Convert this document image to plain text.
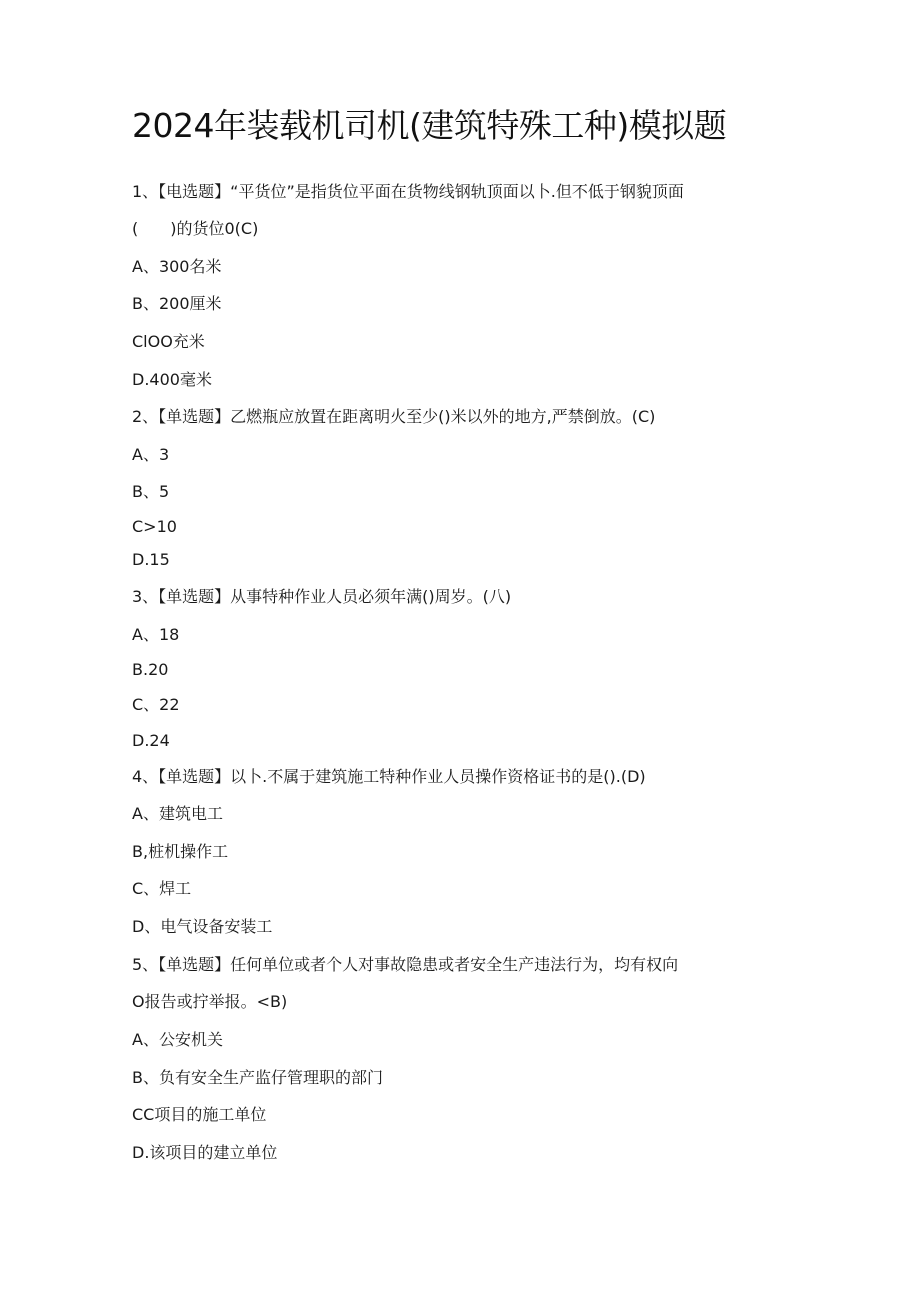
2024年装载机司机(建筑特殊工种)模拟题
1、【电选题】“平货位”是指货位平面在货物线钢轨顶面以卜.但不低于钢貌顶面
(　　)的货位0(C)
A、300名米
B、200厘米
ClOO充米
D.400毫米
2、【单选题】乙燃瓶应放置在距离明火至少()米以外的地方,严禁倒放。(C)
A、3
B、5
C>10
D.15
3、【单选题】从事特种作业人员必须年满()周岁。(八)
A、18
B.20
C、22
D.24
4、【单选题】以卜.不属于建筑施工特种作业人员操作资格证书的是().(D)
A、建筑电工
B,桩机操作工
C、焊工
D、电气设备安装工
5、【单选题】任何单位或者个人对事故隐患或者安全生产违法行为，均有权向
O报告或拧举报。<B)
A、公安机关
B、负有安全生产监仔管理职的部门
CC项目的施工单位
D.该项目的建立单位
